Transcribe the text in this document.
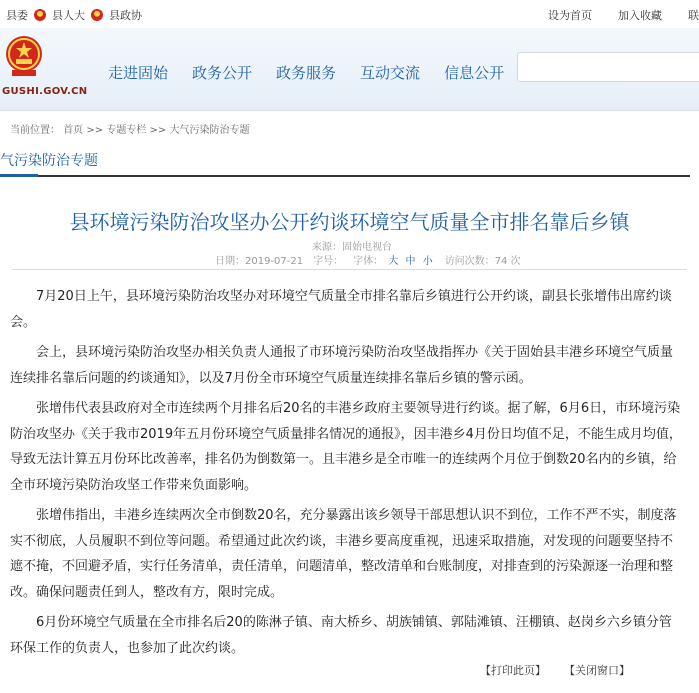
县委 县人大 县政协	设为首页 加入收藏 联
GUSHI.GOV.CN
走进固始 政务公开 政务服务 互动交流 信息公开
当前位置： 首页 >> 专题专栏 >> 大气污染防治专题
气污染防治专题
县环境污染防治攻坚办公开约谈环境空气质量全市排名靠后乡镇
来源：固始电视台
日期：2019-07-21 字号： 字体： 大 中 小 访问次数：74 次

7月20日上午，县环境污染防治攻坚办对环境空气质量全市排名靠后乡镇进行公开约谈，副县长张增伟出席约谈会。

会上，县环境污染防治攻坚办相关负责人通报了市环境污染防治攻坚战指挥办《关于固始县丰港乡环境空气质量连续排名靠后问题的约谈通知》，以及7月份全市环境空气质量连续排名靠后乡镇的警示函。

张增伟代表县政府对全市连续两个月排名后20名的丰港乡政府主要领导进行约谈。据了解，6月6日，市环境污染防治攻坚办《关于我市2019年五月份环境空气质量排名情况的通报》，因丰港乡4月份日均值不足，不能生成月均值，导致无法计算五月份环比改善率，排名仍为倒数第一。且丰港乡是全市唯一的连续两个月位于倒数20名内的乡镇，给全市环境污染防治攻坚工作带来负面影响。

张增伟指出，丰港乡连续两次全市倒数20名，充分暴露出该乡领导干部思想认识不到位，工作不严不实，制度落实不彻底，人员履职不到位等问题。希望通过此次约谈，丰港乡要高度重视，迅速采取措施，对发现的问题要坚持不遮不掩，不回避矛盾，实行任务清单，责任清单，问题清单，整改清单和台账制度，对排查到的污染源逐一治理和整改。确保问题责任到人，整改有方，限时完成。

6月份环境空气质量在全市排名后20的陈淋子镇、南大桥乡、胡族铺镇、郭陆滩镇、汪棚镇、赵岗乡六乡镇分管环保工作的负责人，也参加了此次约谈。

【打印此页】 【关闭窗口】
